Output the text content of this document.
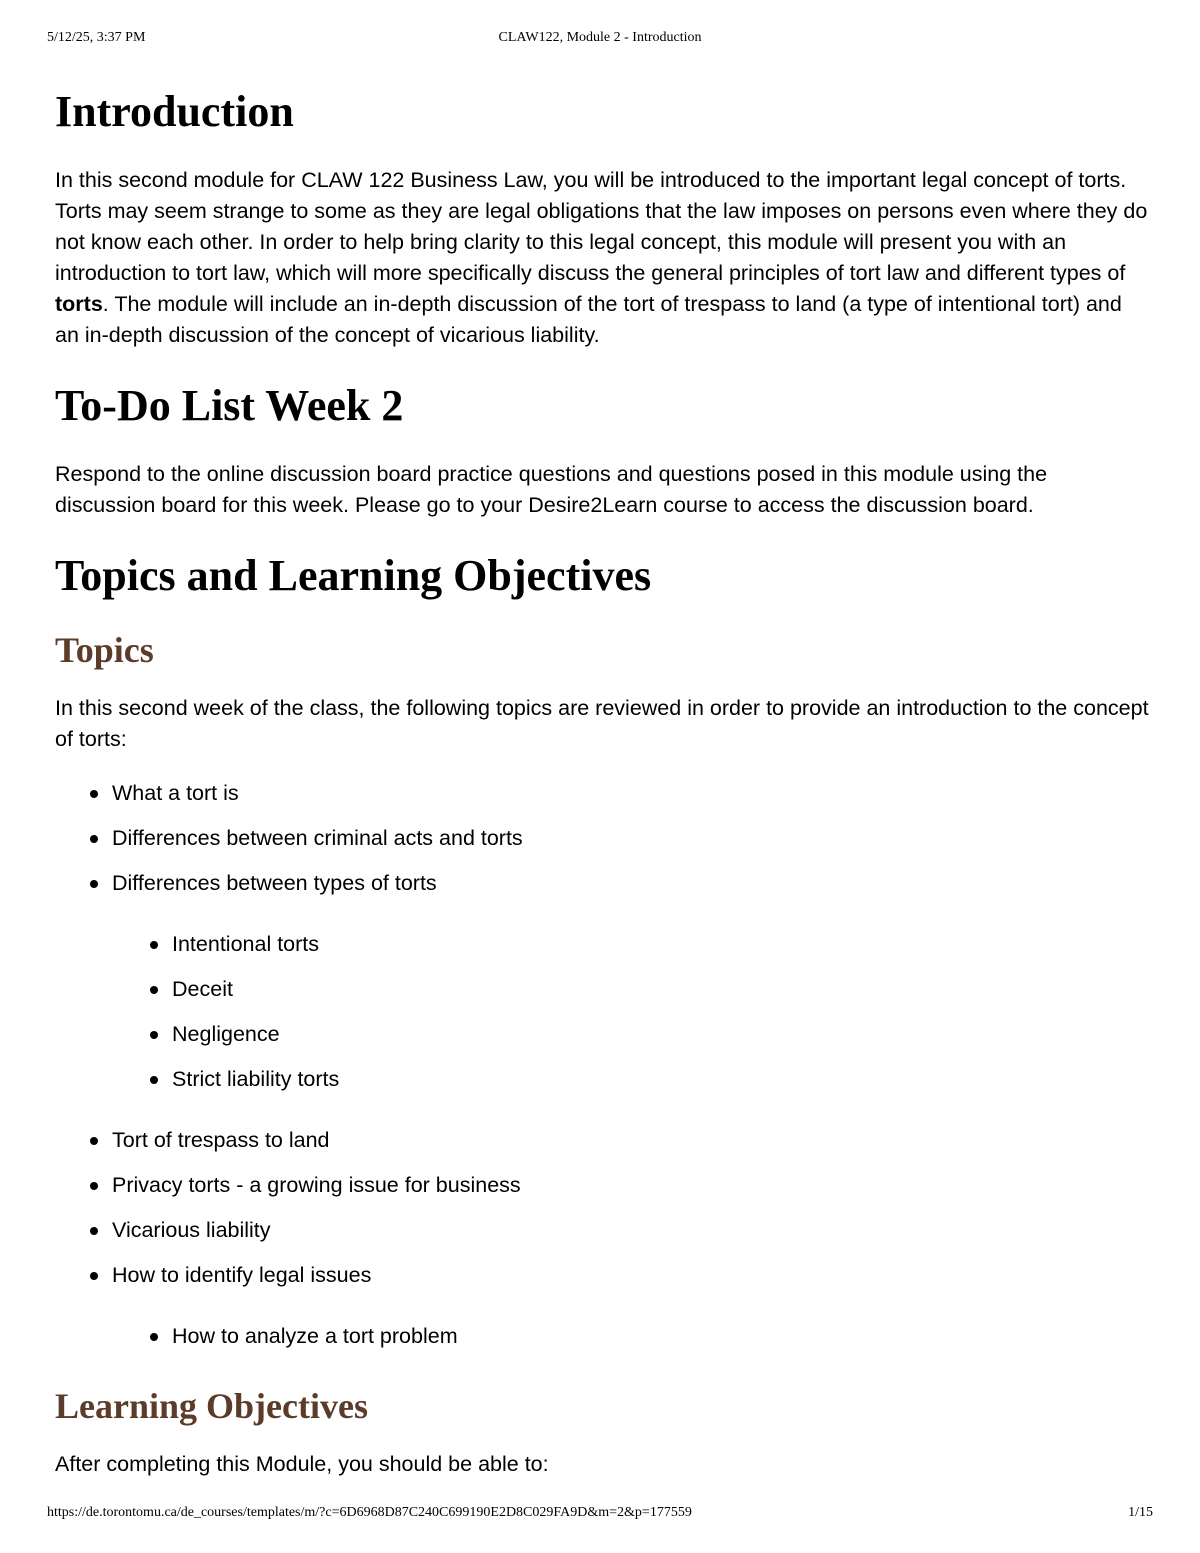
5/12/25, 3:37 PM	CLAW122, Module 2 - Introduction
Introduction

In this second module for CLAW 122 Business Law, you will be introduced to the important legal concept of torts. Torts may seem strange to some as they are legal obligations that the law imposes on persons even where they do not know each other. In order to help bring clarity to this legal concept, this module will present you with an introduction to tort law, which will more specifically discuss the general principles of tort law and different types of torts. The module will include an in-depth discussion of the tort of trespass to land (a type of intentional tort) and an in-depth discussion of the concept of vicarious liability.

To-Do List Week 2

Respond to the online discussion board practice questions and questions posed in this module using the discussion board for this week. Please go to your Desire2Learn course to access the discussion board.

Topics and Learning Objectives
Topics

In this second week of the class, the following topics are reviewed in order to provide an introduction to the concept of torts:

What a tort is
Differences between criminal acts and torts
Differences between types of torts
Intentional torts
Deceit
Negligence
Strict liability torts
Tort of trespass to land
Privacy torts - a growing issue for business
Vicarious liability
How to identify legal issues
How to analyze a tort problem
Learning Objectives

After completing this Module, you should be able to:

https://de.torontomu.ca/de_courses/templates/m/?c=6D6968D87C240C699190E2D8C029FA9D&m=2&p=177559	1/15
